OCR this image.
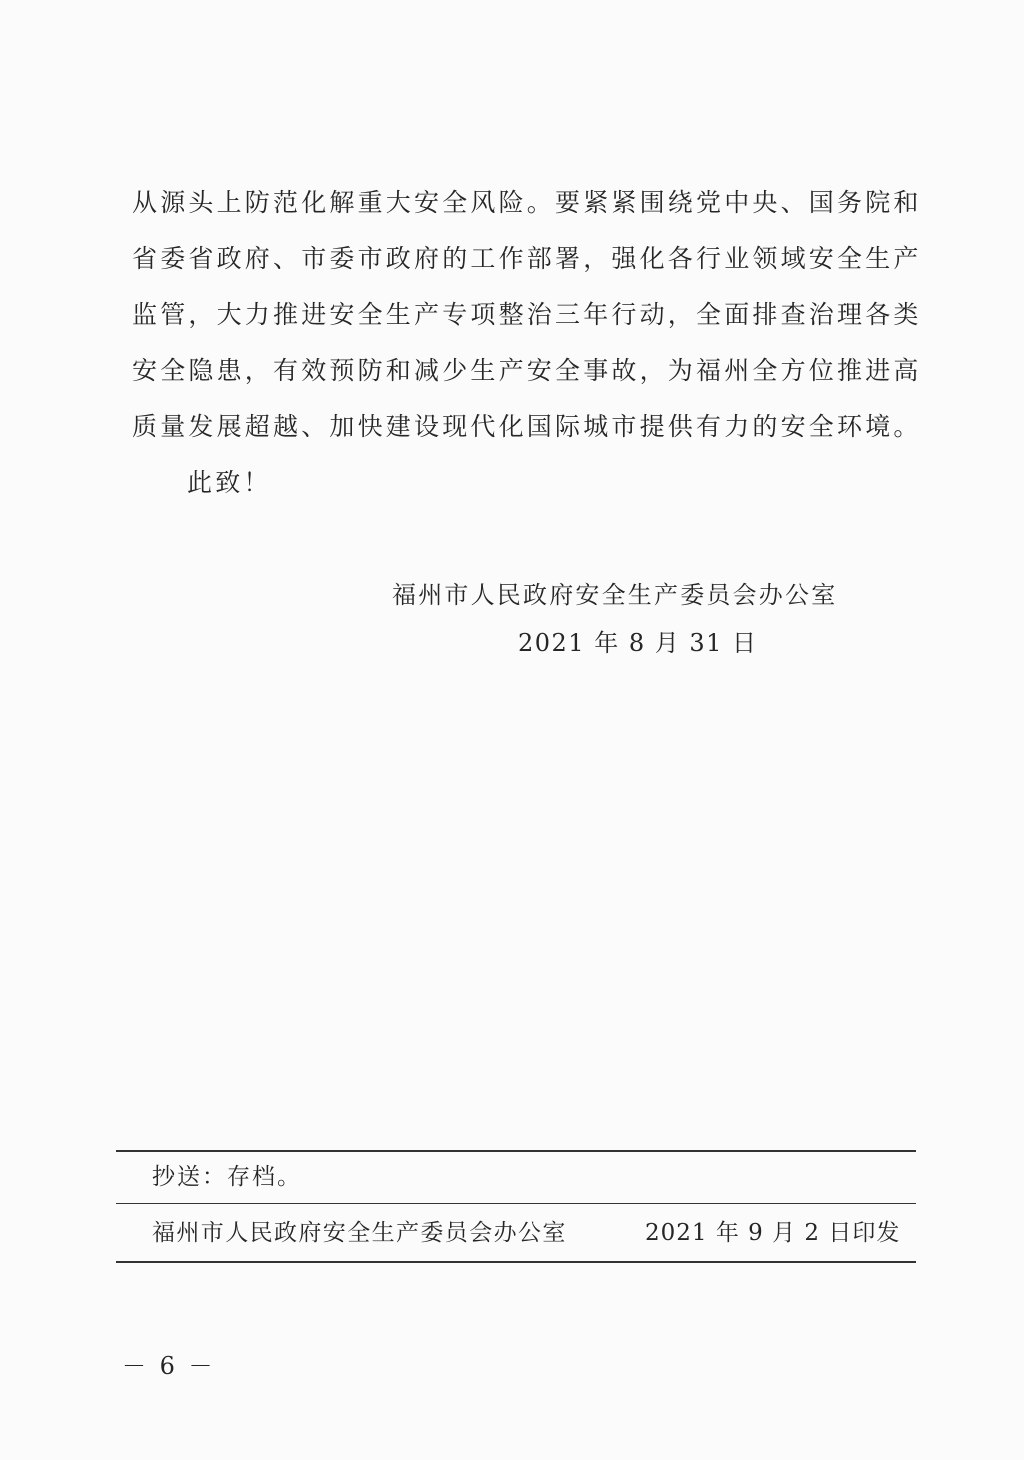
从源头上防范化解重大安全风险。要紧紧围绕党中央、国务院和
省委省政府、市委市政府的工作部署，强化各行业领域安全生产
监管，大力推进安全生产专项整治三年行动，全面排查治理各类
安全隐患，有效预防和减少生产安全事故，为福州全方位推进高
质量发展超越、加快建设现代化国际城市提供有力的安全环境。
此致！
福州市人民政府安全生产委员会办公室
2021 年 8 月 31 日
抄送：存档。
福州市人民政府安全生产委员会办公室	2021 年 9 月 2 日印发
－ 6 －
